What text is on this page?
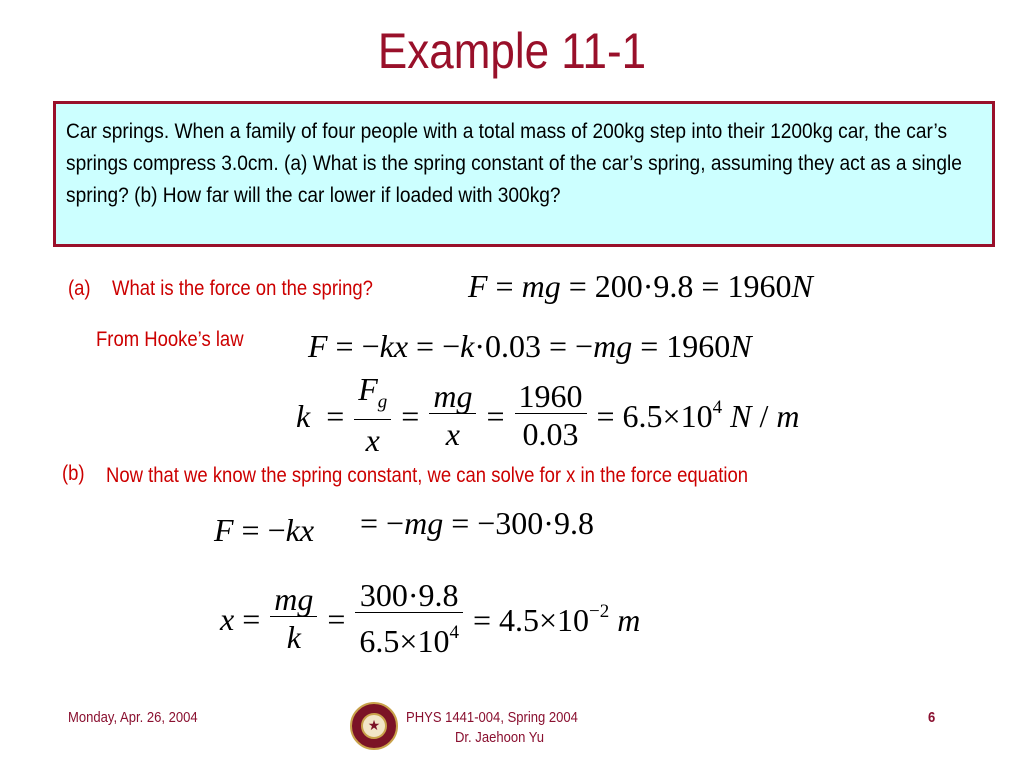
Example 11-1
Car springs. When a family of four people with a total mass of 200kg step into their 1200kg car, the car’s springs compress 3.0cm. (a) What is the spring constant of the car’s spring, assuming they act as a single spring? (b) How far will the car lower if loaded with 300kg?
(a) What is the force on the spring?	F = mg = 200·9.8 = 1960N
From Hooke’s law F = −kx = −k·0.03 = −mg = 1960N
$k = \frac{F_g}{x} = \frac{mg}{x} = \frac{1960}{0.03} = 6.5\times 10^4$ N / m
(b) Now that we know the spring constant, we can solve for x in the force equation
F = −kx = −mg = −300·9.8
$x = \frac{mg}{k} = \frac{300\cdot 9.8}{6.5\times 10^4} = 4.5\times 10^{-2}$ m
Monday, Apr. 26, 2004	★	PHYS 1441-004, Spring 2004
Dr. Jaehoon Yu
6
